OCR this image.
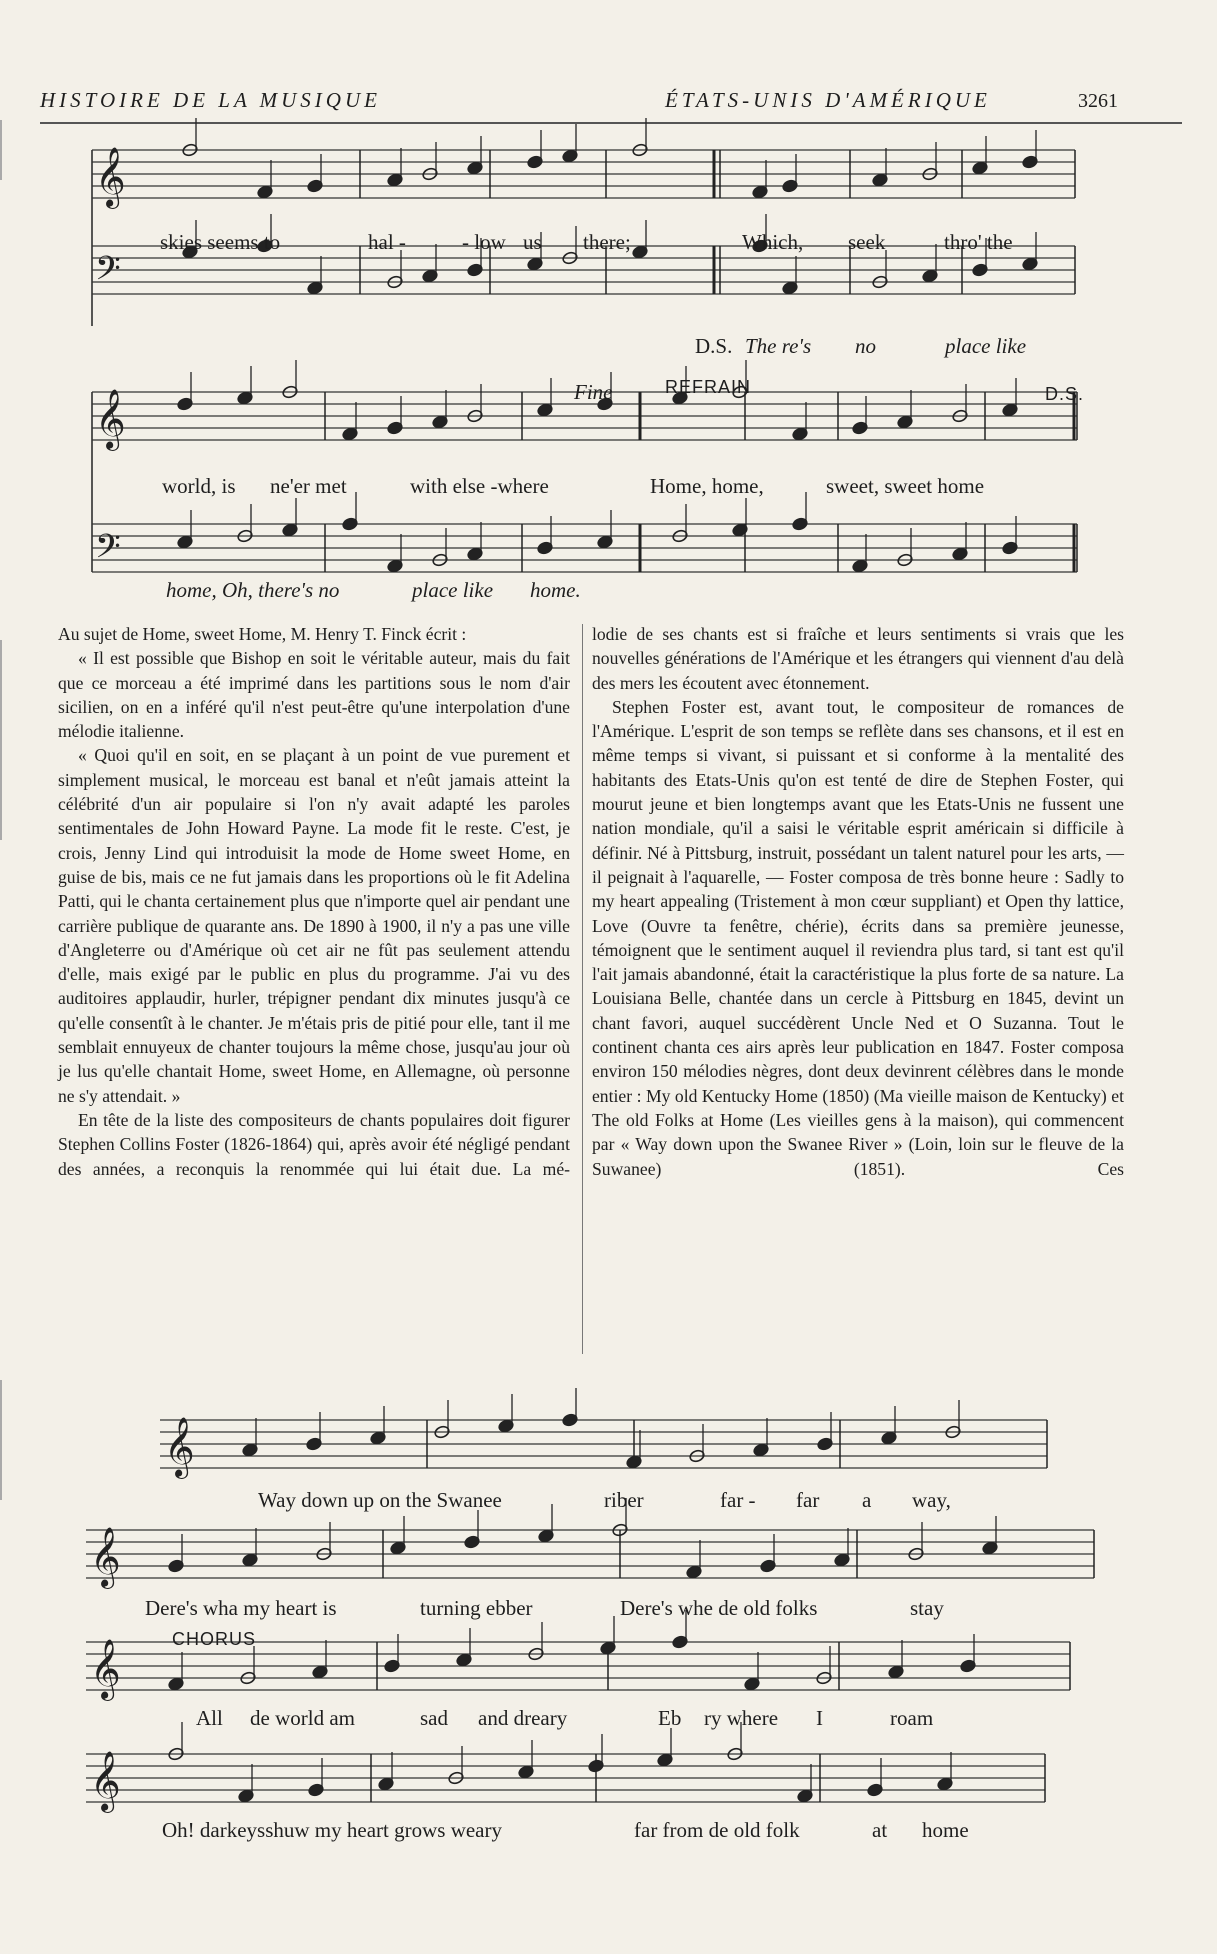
HISTOIRE DE LA MUSIQUE	ÉTATS-UNIS D'AMÉRIQUE	3261
𝄞
𝄢
𝄞
𝄢
𝄞
𝄞
𝄞
𝄞
skies seems to	hal -	- low us there;	Which, seek	thro' the
D.S. The re's no	place like
Fine	REFRAIN	D.S.
world, is ne'er met	with else -where	Home, home,	sweet, sweet home
home, Oh, there's no	place like home.

Au sujet de Home, sweet Home, M. Henry T. Finck écrit :

« Il est possible que Bishop en soit le véritable auteur, mais du fait que ce morceau a été imprimé dans les partitions sous le nom d'air sicilien, on en a inféré qu'il n'est peut-être qu'une interpolation d'une mélodie italienne.

« Quoi qu'il en soit, en se plaçant à un point de vue purement et simplement musical, le morceau est banal et n'eût jamais atteint la célébrité d'un air populaire si l'on n'y avait adapté les paroles sentimentales de John Howard Payne. La mode fit le reste. C'est, je crois, Jenny Lind qui introduisit la mode de Home sweet Home, en guise de bis, mais ce ne fut jamais dans les proportions où le fit Adelina Patti, qui le chanta certainement plus que n'importe quel air pendant une carrière publique de quarante ans. De 1890 à 1900, il n'y a pas une ville d'Angleterre ou d'Amérique où cet air ne fût pas seulement attendu d'elle, mais exigé par le public en plus du programme. J'ai vu des auditoires applaudir, hurler, trépigner pendant dix minutes jusqu'à ce qu'elle consentît à le chanter. Je m'étais pris de pitié pour elle, tant il me semblait ennuyeux de chanter toujours la même chose, jusqu'au jour où je lus qu'elle chantait Home, sweet Home, en Allemagne, où personne ne s'y attendait. »

En tête de la liste des compositeurs de chants populaires doit figurer Stephen Collins Foster (1826-1864) qui, après avoir été négligé pendant des années, a reconquis la renommée qui lui était due. La mé-

lodie de ses chants est si fraîche et leurs sentiments si vrais que les nouvelles générations de l'Amérique et les étrangers qui viennent d'au delà des mers les écoutent avec étonnement.

Stephen Foster est, avant tout, le compositeur de romances de l'Amérique. L'esprit de son temps se reflète dans ses chansons, et il est en même temps si vivant, si puissant et si conforme à la mentalité des habitants des Etats-Unis qu'on est tenté de dire de Stephen Foster, qui mourut jeune et bien longtemps avant que les Etats-Unis ne fussent une nation mondiale, qu'il a saisi le véritable esprit américain si difficile à définir. Né à Pittsburg, instruit, possédant un talent naturel pour les arts, — il peignait à l'aquarelle, — Foster composa de très bonne heure : Sadly to my heart appealing (Tristement à mon cœur suppliant) et Open thy lattice, Love (Ouvre ta fenêtre, chérie), écrits dans sa première jeunesse, témoignent que le sentiment auquel il reviendra plus tard, si tant est qu'il l'ait jamais abandonné, était la caractéristique la plus forte de sa nature. La Louisiana Belle, chantée dans un cercle à Pittsburg en 1845, devint un chant favori, auquel succédèrent Uncle Ned et O Suzanna. Tout le continent chanta ces airs après leur publication en 1847. Foster composa environ 150 mélodies nègres, dont deux devinrent célèbres dans le monde entier : My old Kentucky Home (1850) (Ma vieille maison de Kentucky) et The old Folks at Home (Les vieilles gens à la maison), qui commencent par « Way down upon the Swanee River » (Loin, loin sur le fleuve de la Suwanee) (1851). Ces

Way down up on the Swanee	riber	far - far a way,
Dere's wha my heart is	turning ebber	Dere's whe de old folks	stay
CHORUS
All de world am	sad and dreary	Eb ry where I	roam
Oh! darkeysshuw my heart grows weary	far from de old folk	at home
